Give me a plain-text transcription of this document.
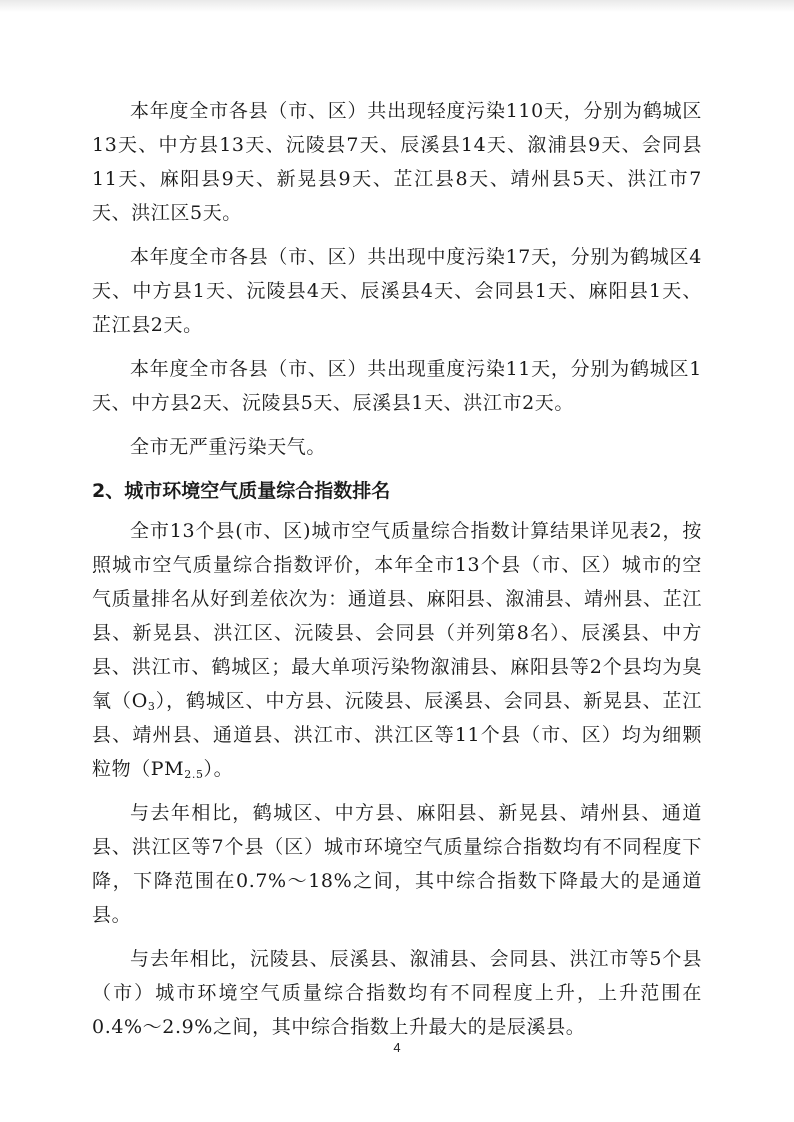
本年度全市各县（市、区）共出现轻度污染110天，分别为鹤城区13天、中方县13天、沅陵县7天、辰溪县14天、溆浦县9天、会同县11天、麻阳县9天、新晃县9天、芷江县8天、靖州县5天、洪江市7天、洪江区5天。

本年度全市各县（市、区）共出现中度污染17天，分别为鹤城区4天、中方县1天、沅陵县4天、辰溪县4天、会同县1天、麻阳县1天、芷江县2天。

本年度全市各县（市、区）共出现重度污染11天，分别为鹤城区1天、中方县2天、沅陵县5天、辰溪县1天、洪江市2天。

全市无严重污染天气。

2、城市环境空气质量综合指数排名

全市13个县(市、区)城市空气质量综合指数计算结果详见表2，按照城市空气质量综合指数评价，本年全市13个县（市、区）城市的空气质量排名从好到差依次为：通道县、麻阳县、溆浦县、靖州县、芷江县、新晃县、洪江区、沅陵县、会同县（并列第8名）、辰溪县、中方县、洪江市、鹤城区；最大单项污染物溆浦县、麻阳县等2个县均为臭氧$(O_3)$，鹤城区、中方县、沅陵县、辰溪县、会同县、新晃县、芷江县、靖州县、通道县、洪江市、洪江区等11个县（市、区）均为细颗粒物$(PM_{2.5})$。

与去年相比，鹤城区、中方县、麻阳县、新晃县、靖州县、通道县、洪江区等7个县（区）城市环境空气质量综合指数均有不同程度下降，下降范围在0.7%～18%之间，其中综合指数下降最大的是通道县。

与去年相比，沅陵县、辰溪县、溆浦县、会同县、洪江市等5个县（市）城市环境空气质量综合指数均有不同程度上升，上升范围在0.4%～2.9%之间，其中综合指数上升最大的是辰溪县。

4
